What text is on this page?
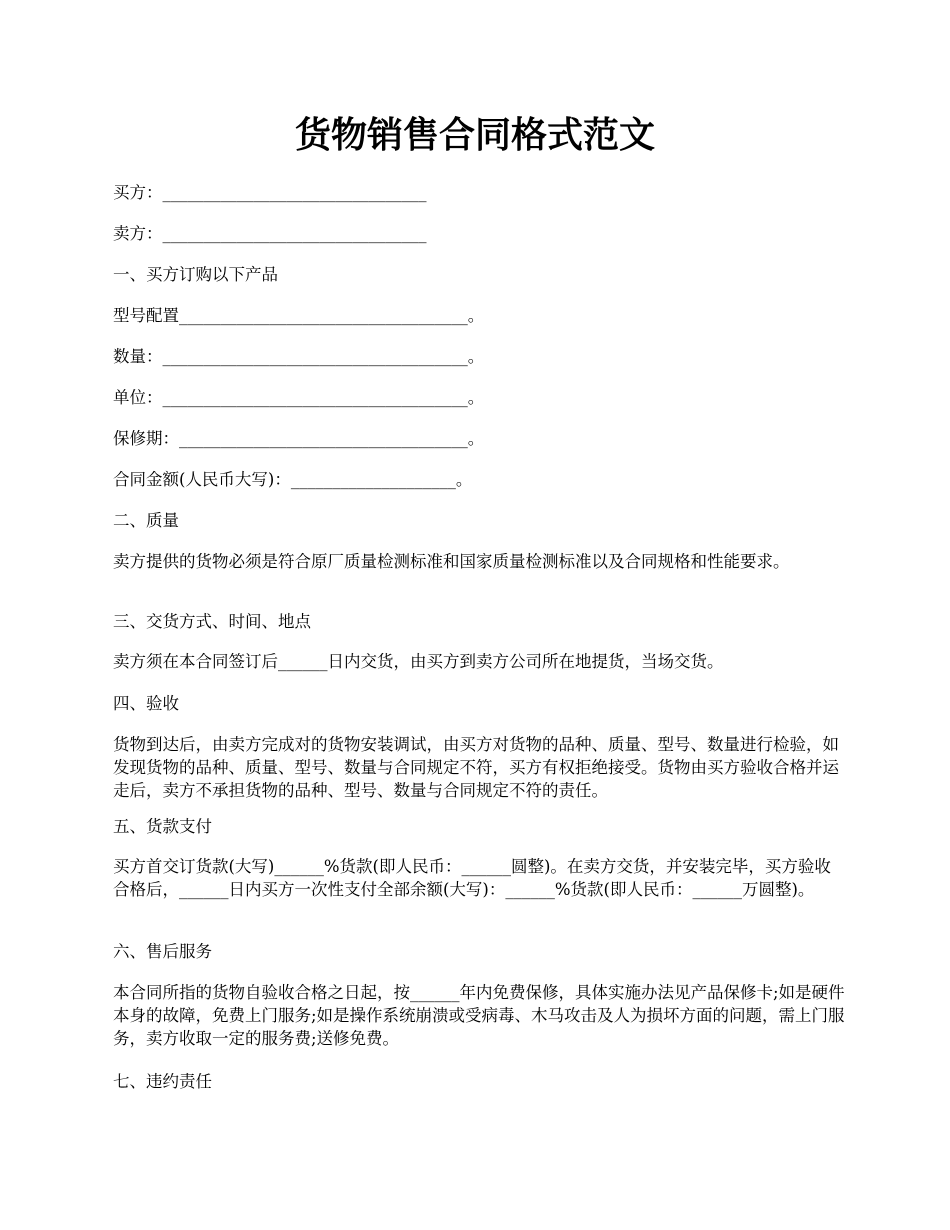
货物销售合同格式范文

买方：________________________________

卖方：________________________________

一、买方订购以下产品

型号配置___________________________________。

数量：_____________________________________。

单位：_____________________________________。

保修期：___________________________________。

合同金额(人民币大写)：____________________。

二、质量

卖方提供的货物必须是符合原厂质量检测标准和国家质量检测标准以及合同规格和性能要求。

三、交货方式、时间、地点

卖方须在本合同签订后______日内交货，由买方到卖方公司所在地提货，当场交货。

四、验收

货物到达后，由卖方完成对的货物安装调试，由买方对货物的品种、质量、型号、数量进行检验，如发现货物的品种、质量、型号、数量与合同规定不符，买方有权拒绝接受。货物由买方验收合格并运走后，卖方不承担货物的品种、型号、数量与合同规定不符的责任。

五、货款支付

买方首交订货款(大写)______%货款(即人民币：______圆整)。在卖方交货，并安装完毕，买方验收合格后，______日内买方一次性支付全部余额(大写)：______%货款(即人民币：______万圆整)。

六、售后服务

本合同所指的货物自验收合格之日起，按______年内免费保修，具体实施办法见产品保修卡;如是硬件本身的故障，免费上门服务;如是操作系统崩溃或受病毒、木马攻击及人为损坏方面的问题，需上门服务，卖方收取一定的服务费;送修免费。

七、违约责任
